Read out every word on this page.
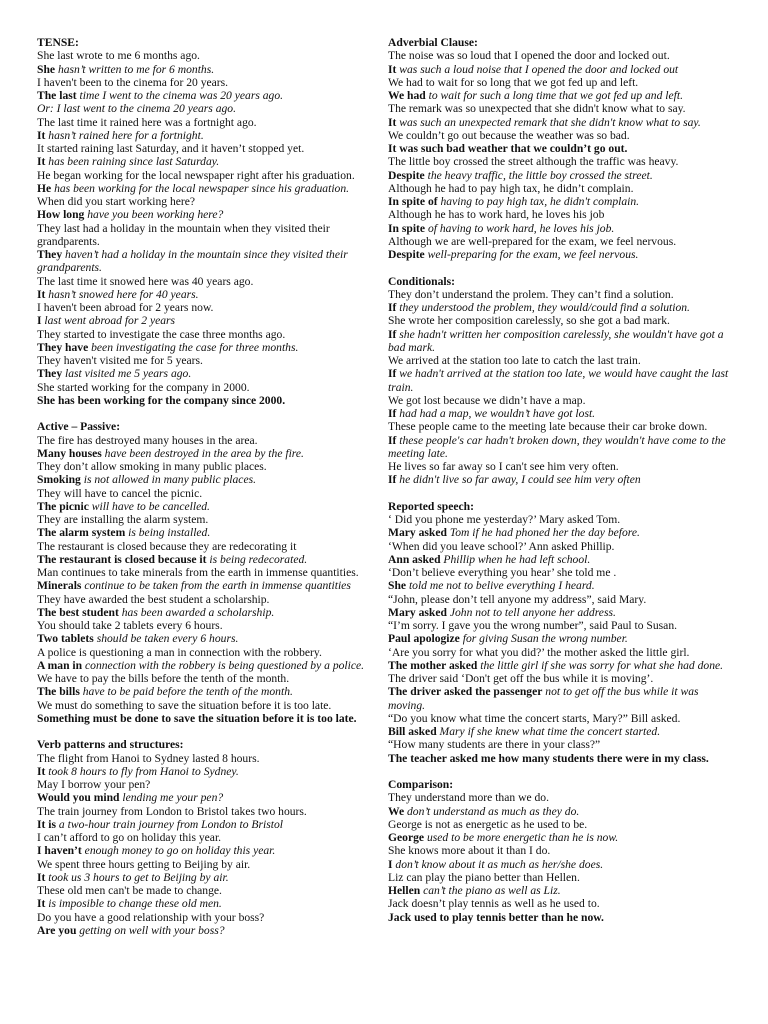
TENSE:
She last wrote to me 6 months ago.
She hasn’t written to me for 6 months.
I haven't been to the cinema for 20 years.
The last time I went to the cinema was 20 years ago.
Or: I last went to the cinema 20 years ago.
The last time it rained here was a fortnight ago.
It hasn’t rained here for a fortnight.
It started raining last Saturday, and it haven’t stopped yet.
It has been raining since last Saturday.
He began working for the local newspaper right after his graduation.
He has been working for the local newspaper since his graduation.
When did you start working here?
How long have you been working here?
They last had a holiday in the mountain when they visited their grandparents.
They haven’t had a holiday in the mountain since they visited their grandparents.
The last time it snowed here was 40 years ago.
It hasn’t snowed here for 40 years.
I haven't been abroad for 2 years now.
I last went abroad for 2 years
They started to investigate the case three months ago.
They have been investigating the case for three months.
They haven't visited me for 5 years.
They last visited me 5 years ago.
She started working for the company in 2000.
She has been working for the company since 2000.
Active – Passive:
The fire has destroyed many houses in the area.
Many houses have been destroyed in the area by the fire.
They don’t allow smoking in many public places.
Smoking is not allowed in many public places.
They will have to cancel the picnic.
The picnic will have to be cancelled.
They are installing the alarm system.
The alarm system is being installed.
The restaurant is closed because they are redecorating it
The restaurant is closed because it is being redecorated.
Man continues to take minerals from the earth in immense quantities.
Minerals continue to be taken from the earth in immense quantities
They have awarded the best student a scholarship.
The best student has been awarded a scholarship.
You should take 2 tablets every 6 hours.
Two tablets should be taken every 6 hours.
A police is questioning a man in connection with the robbery.
A man in connection with the robbery is being questioned by a police.
We have to pay the bills before the tenth of the month.
The bills have to be paid before the tenth of the month.
We must do something to save the situation before it is too late.
Something must be done to save the situation before it is too late.
Verb patterns and structures:
The flight from Hanoi to Sydney lasted 8 hours.
It took 8 hours to fly from Hanoi to Sydney.
May I borrow your pen?
Would you mind lending me your pen?
The train journey from London to Bristol takes two hours.
It is a two-hour train journey from London to Bristol
I can’t afford to go on holiday this year.
I haven’t enough money to go on holiday this year.
We spent three hours getting to Beijing by air.
It took us 3 hours to get to Beijing by air.
These old men can't be made to change.
It is imposible to change these old men.
Do you have a good relationship with your boss?
Are you getting on well with your boss?
Adverbial Clause:
The noise was so loud that I opened the door and locked out.
It was such a loud noise that I opened the door and locked out
We had to wait for so long that we got fed up and left.
We had to wait for such a long time that we got fed up and left.
The remark was so unexpected that she didn't know what to say.
It was such an unexpected remark that she didn't know what to say.
We couldn’t go out because the weather was so bad.
It was such bad weather that we couldn’t go out.
The little boy crossed the street although the traffic was heavy.
Despite the heavy traffic, the little boy crossed the street.
Although he had to pay high tax, he didn’t complain.
In spite of having to pay high tax, he didn't complain.
Although he has to work hard, he loves his job
In spite of having to work hard, he loves his job.
Although we are well-prepared for the exam, we feel nervous.
Despite well-preparing for the exam, we feel nervous.
Conditionals:
They don’t understand the prolem. They can’t find a solution.
If they understood the problem, they would/could find a solution.
She wrote her composition carelessly, so she got a bad mark.
If she hadn't written her composition carelessly, she wouldn't have got a bad mark.
We arrived at the station too late to catch the last train.
If we hadn't arrived at the station too late, we would have caught the last train.
We got lost because we didn’t have a map.
If had had a map, we wouldn’t have got lost.
These people came to the meeting late because their car broke down.
If these people's car hadn't broken down, they wouldn't have come to the meeting late.
He lives so far away so I can't see him very often.
If he didn't live so far away, I could see him very often
Reported speech:
‘ Did you phone me yesterday?’ Mary asked Tom.
Mary asked Tom if he had phoned her the day before.
‘When did you leave school?’ Ann asked Phillip.
Ann asked Phillip when he had left school.
‘Don’t believe everything you hear’ she told me .
She told me not to belive everything I heard.
“John, please don’t tell anyone my address”, said Mary.
Mary asked John not to tell anyone her address.
“I’m sorry. I gave you the wrong number”, said Paul to Susan.
Paul apologize for giving Susan the wrong number.
‘Are you sorry for what you did?’ the mother asked the little girl.
The mother asked the little girl if she was sorry for what she had done.
The driver said ‘Don't get off the bus while it is moving’.
The driver asked the passenger not to get off the bus while it was moving.
“Do you know what time the concert starts, Mary?” Bill asked.
Bill asked Mary if she knew what time the concert started.
“How many students are there in your class?”
The teacher asked me how many students there were in my class.
Comparison:
They understand more than we do.
We don’t understand as much as they do.
George is not as energetic as he used to be.
George used to be more energetic than he is now.
She knows more about it than I do.
I don’t know about it as much as her/she does.
Liz can play the piano better than Hellen.
Hellen can’t the piano as well as Liz.
Jack doesn’t play tennis as well as he used to.
Jack used to play tennis better than he now.
